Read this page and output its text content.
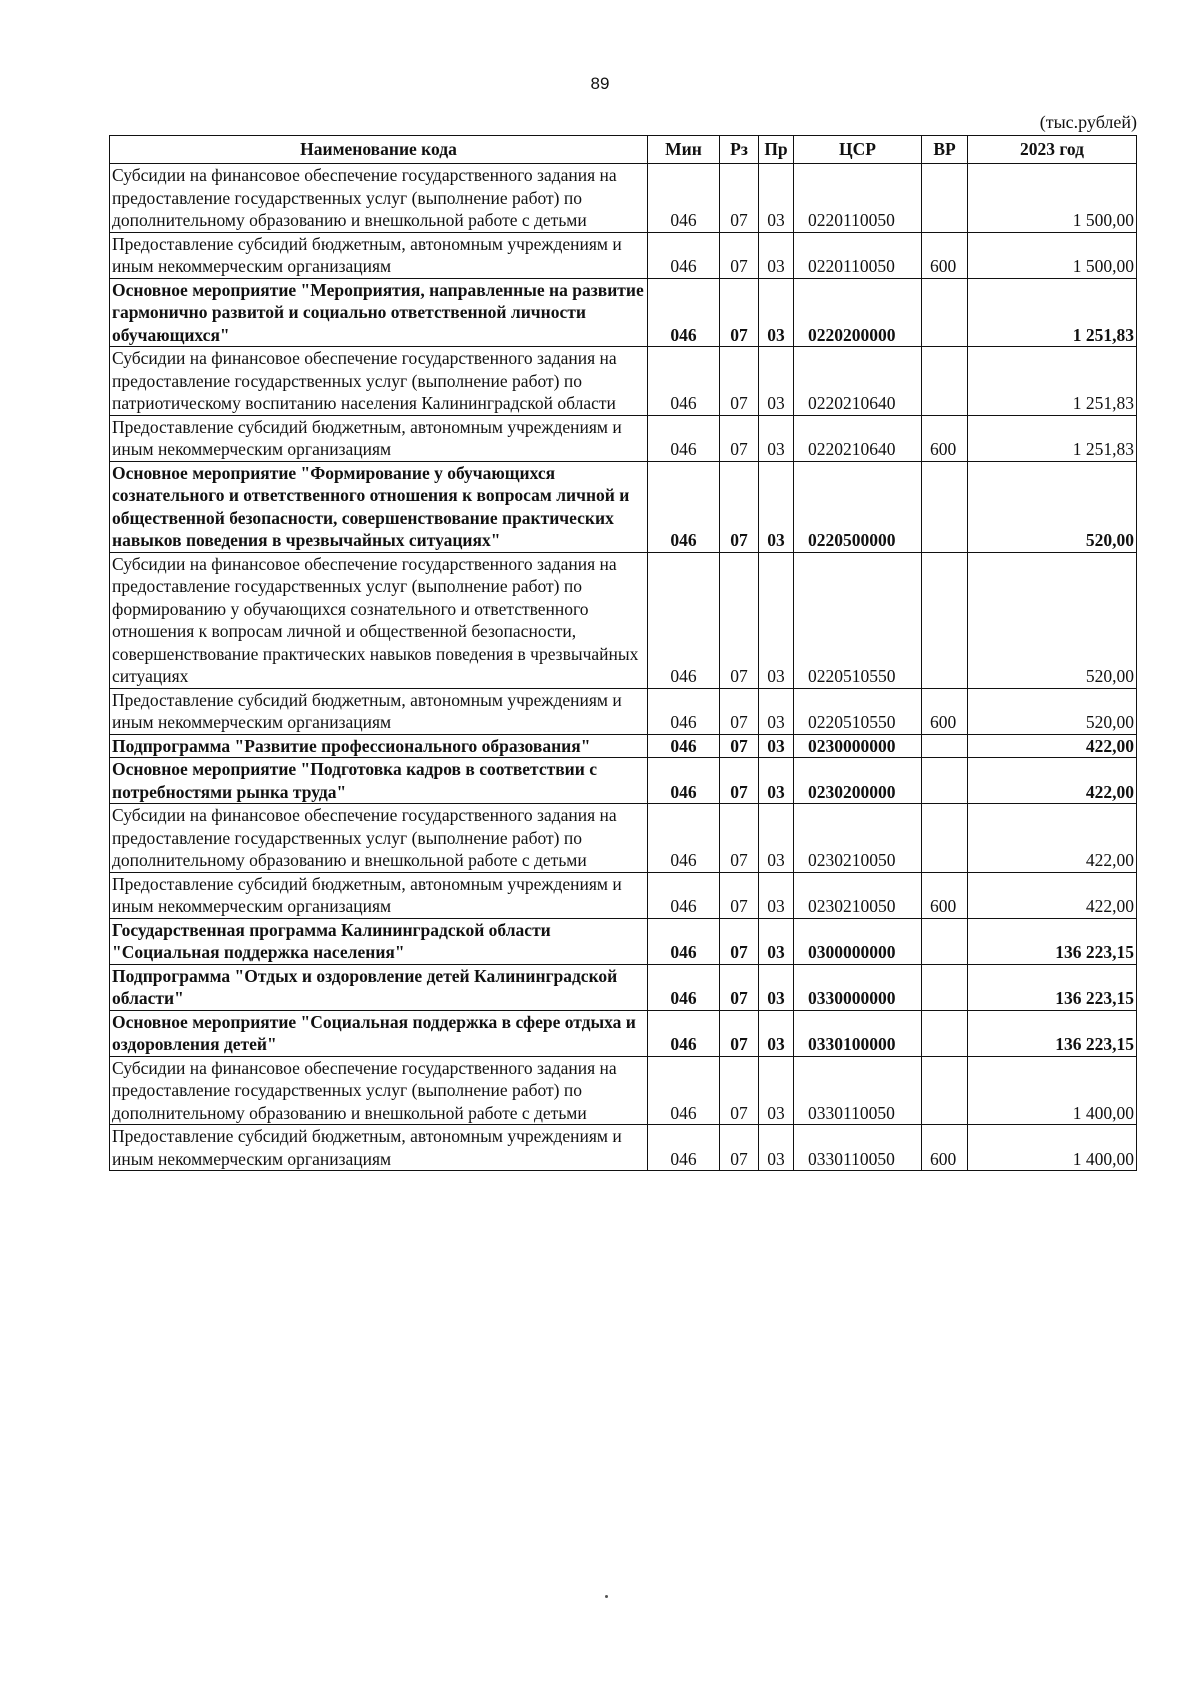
89
(тыс.рублей)
Наименование кода	Мин	Рз	Пр	ЦСР	ВР	2023 год
Субсидии на финансовое обеспечение государственного задания на предоставление государственных услуг (выполнение работ) по дополнительному образованию и внешкольной работе с детьми	046	07	03	0220110050		1 500,00
Предоставление субсидий бюджетным, автономным учреждениям и иным некоммерческим организациям	046	07	03	0220110050	600	1 500,00
Основное мероприятие "Мероприятия, направленные на развитие гармонично развитой и социально ответственной личности обучающихся"	046	07	03	0220200000		1 251,83
Субсидии на финансовое обеспечение государственного задания на предоставление государственных услуг (выполнение работ) по патриотическому воспитанию населения Калининградской области	046	07	03	0220210640		1 251,83
Предоставление субсидий бюджетным, автономным учреждениям и иным некоммерческим организациям	046	07	03	0220210640	600	1 251,83
Основное мероприятие "Формирование у обучающихся сознательного и ответственного отношения к вопросам личной и общественной безопасности, совершенствование практических навыков поведения в чрезвычайных ситуациях"	046	07	03	0220500000		520,00
Субсидии на финансовое обеспечение государственного задания на предоставление государственных услуг (выполнение работ) по формированию у обучающихся сознательного и ответственного отношения к вопросам личной и общественной безопасности, совершенствование практических навыков поведения в чрезвычайных ситуациях	046	07	03	0220510550		520,00
Предоставление субсидий бюджетным, автономным учреждениям и иным некоммерческим организациям	046	07	03	0220510550	600	520,00
Подпрограмма "Развитие профессионального образования"	046	07	03	0230000000		422,00
Основное мероприятие "Подготовка кадров в соответствии с потребностями рынка труда"	046	07	03	0230200000		422,00
Субсидии на финансовое обеспечение государственного задания на предоставление государственных услуг (выполнение работ) по дополнительному образованию и внешкольной работе с детьми	046	07	03	0230210050		422,00
Предоставление субсидий бюджетным, автономным учреждениям и иным некоммерческим организациям	046	07	03	0230210050	600	422,00
Государственная программа Калининградской области "Социальная поддержка населения"	046	07	03	0300000000		136 223,15
Подпрограмма "Отдых и оздоровление детей Калининградской области"	046	07	03	0330000000		136 223,15
Основное мероприятие "Социальная поддержка в сфере отдыха и оздоровления детей"	046	07	03	0330100000		136 223,15
Субсидии на финансовое обеспечение государственного задания на предоставление государственных услуг (выполнение работ) по дополнительному образованию и внешкольной работе с детьми	046	07	03	0330110050		1 400,00
Предоставление субсидий бюджетным, автономным учреждениям и иным некоммерческим организациям	046	07	03	0330110050	600	1 400,00
